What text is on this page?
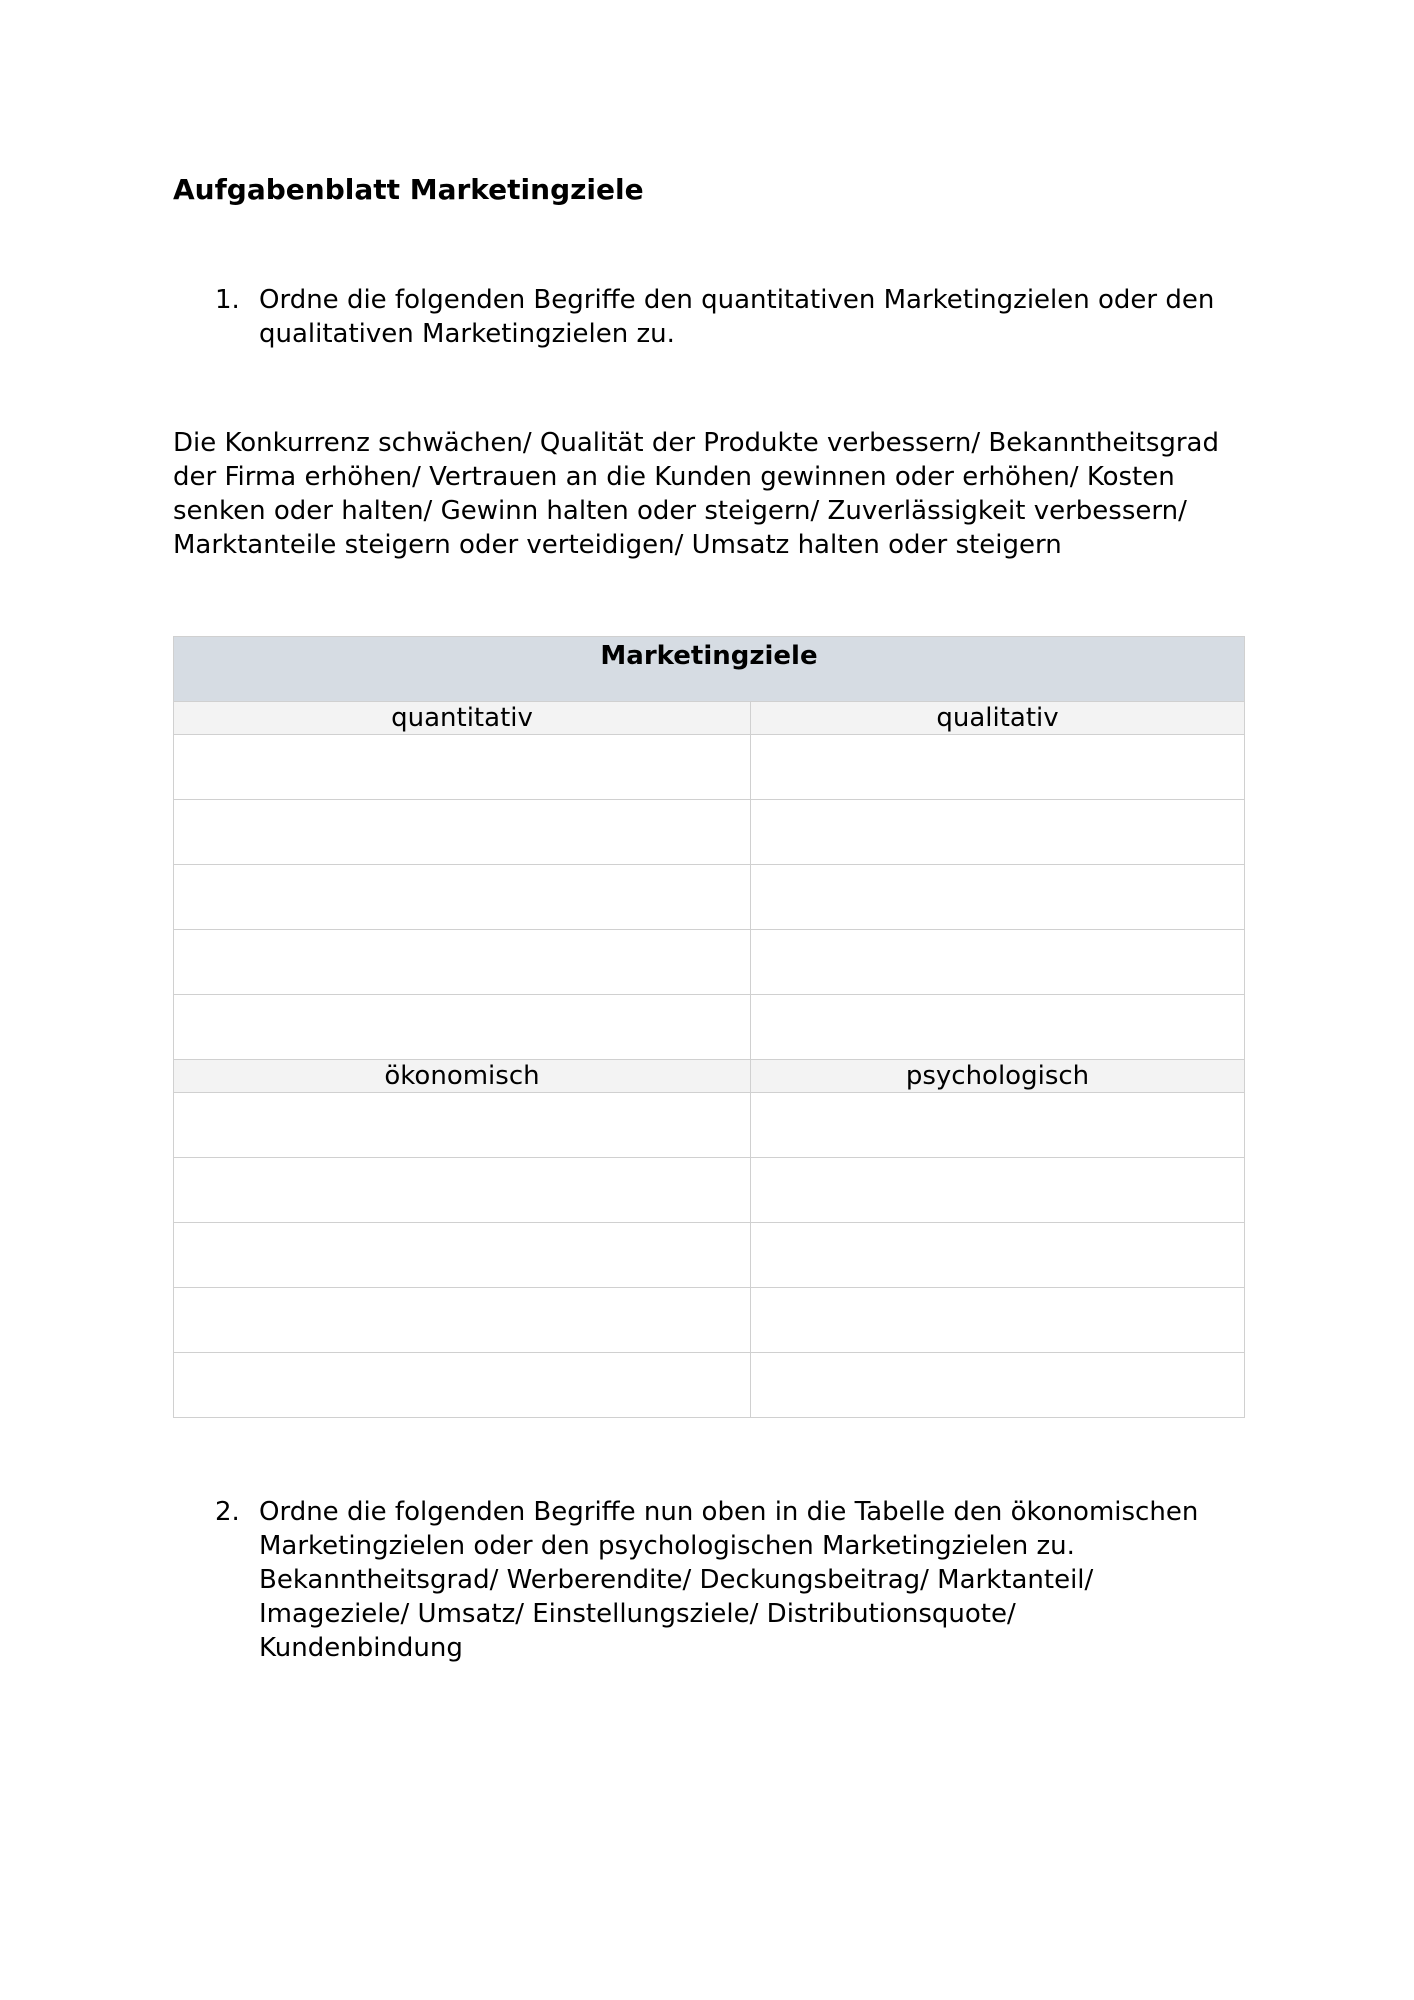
Aufgabenblatt Marketingziele
1. Ordne die folgenden Begriffe den quantitativen Marketingzielen oder den
qualitativen Marketingzielen zu.

Die Konkurrenz schwächen/ Qualität der Produkte verbessern/ Bekanntheitsgrad der Firma erhöhen/ Vertrauen an die Kunden gewinnen oder erhöhen/ Kosten senken oder halten/ Gewinn halten oder steigern/ Zuverlässigkeit verbessern/ Marktanteile steigern oder verteidigen/ Umsatz halten oder steigern

Marketingziele	
quantitativ	qualitativ

ökonomisch	psychologisch

2. Ordne die folgenden Begriffe nun oben in die Tabelle den ökonomischen
Marketingzielen oder den psychologischen Marketingzielen zu.
Bekanntheitsgrad/ Werberendite/ Deckungsbeitrag/ Marktanteil/
Imageziele/ Umsatz/ Einstellungsziele/ Distributionsquote/
Kundenbindung
